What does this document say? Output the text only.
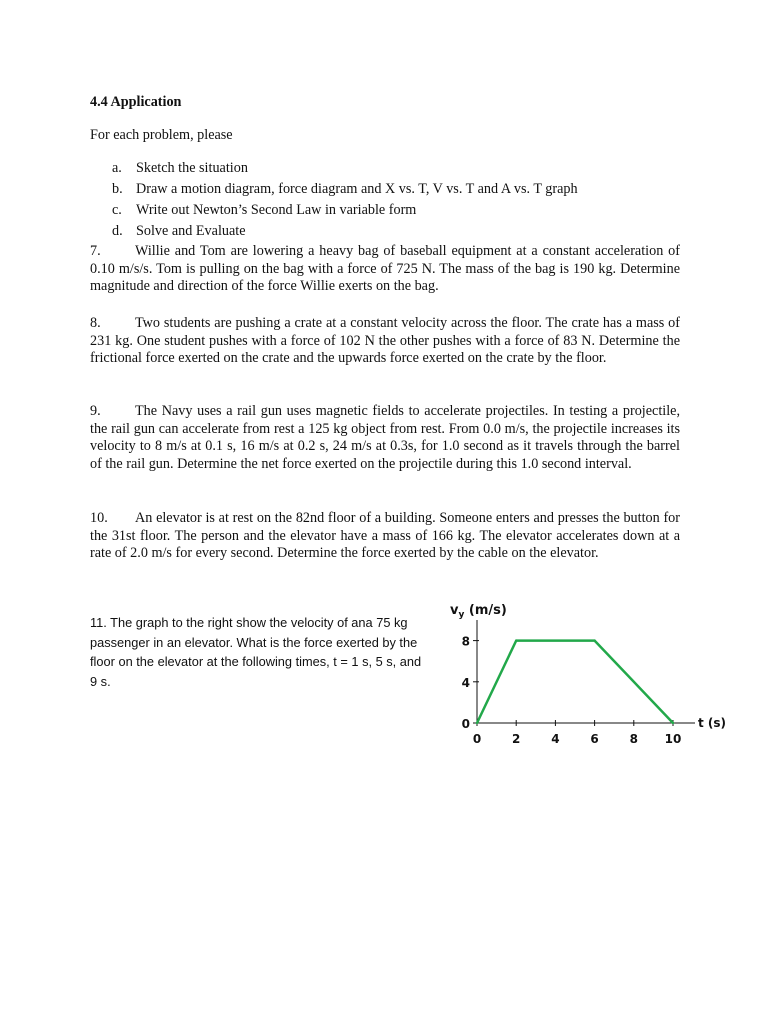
4.4 Application
For each problem, please
a. Sketch the situation
b. Draw a motion diagram, force diagram and X vs. T, V vs. T and A vs. T graph
c. Write out Newton’s Second Law in variable form
d. Solve and Evaluate

7. Willie and Tom are lowering a heavy bag of baseball equipment at a constant acceleration of 0.10 m/s/s. Tom is pulling on the bag with a force of 725 N. The mass of the bag is 190 kg. Determine magnitude and direction of the force Willie exerts on the bag.

8. Two students are pushing a crate at a constant velocity across the floor. The crate has a mass of 231 kg. One student pushes with a force of 102 N the other pushes with a force of 83 N. Determine the frictional force exerted on the crate and the upwards force exerted on the crate by the floor.

9. The Navy uses a rail gun uses magnetic fields to accelerate projectiles. In testing a projectile, the rail gun can accelerate from rest a 125 kg object from rest. From 0.0 m/s, the projectile increases its velocity to 8 m/s at 0.1 s, 16 m/s at 0.2 s, 24 m/s at 0.3s, for 1.0 second as it travels through the barrel of the rail gun. Determine the net force exerted on the projectile during this 1.0 second interval.

10. An elevator is at rest on the 82nd floor of a building. Someone enters and presses the button for the 31st floor. The person and the elevator have a mass of 166 kg. The elevator accelerates down at a rate of 2.0 m/s for every second. Determine the force exerted by the cable on the elevator.

11. The graph to the right show the velocity of ana 75 kg passenger in an elevator. What is the force exerted by the floor on the elevator at the following times, t = 1 s, 5 s, and 9 s.
$v_y$ (m/s)
0	2	4	6	8 10
0
4
8
t (s)
